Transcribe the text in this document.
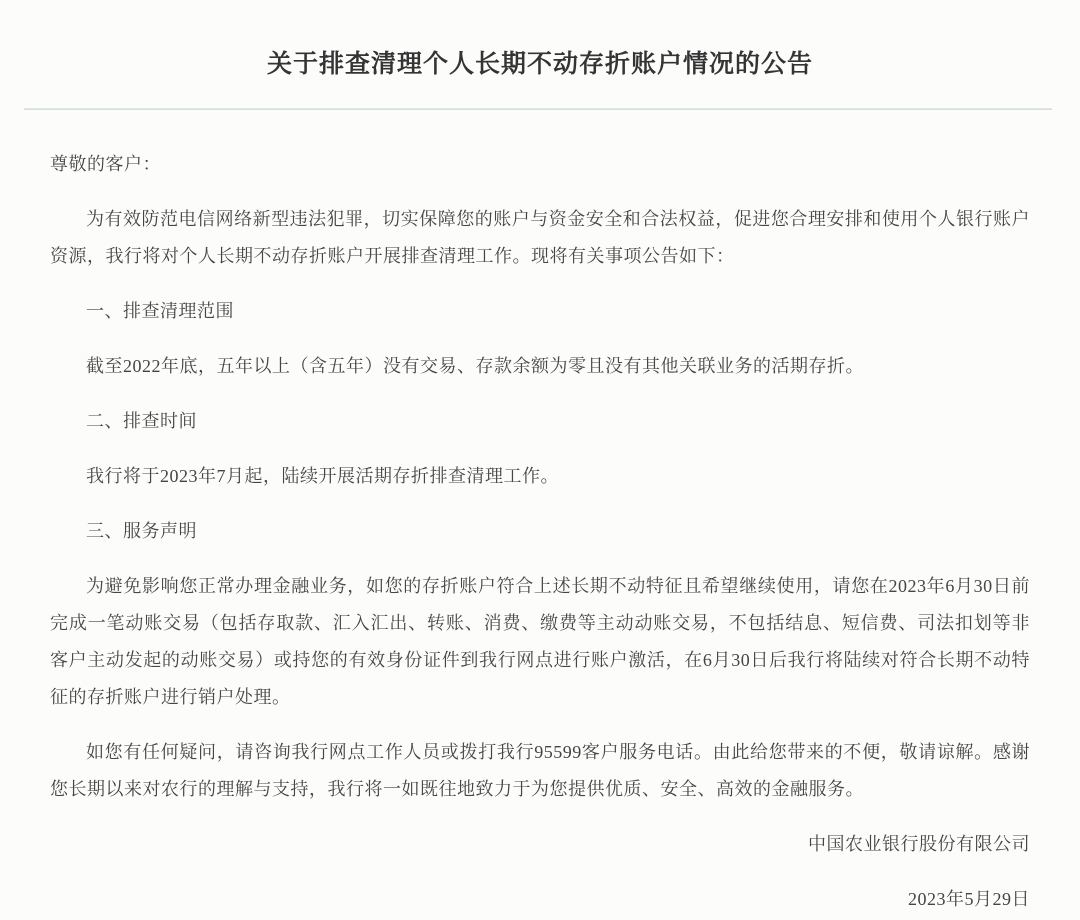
关于排查清理个人长期不动存折账户情况的公告

尊敬的客户：

为有效防范电信网络新型违法犯罪，切实保障您的账户与资金安全和合法权益，促进您合理安排和使用个人银行账户资源，我行将对个人长期不动存折账户开展排查清理工作。现将有关事项公告如下：

一、排查清理范围

截至2022年底，五年以上（含五年）没有交易、存款余额为零且没有其他关联业务的活期存折。

二、排查时间

我行将于2023年7月起，陆续开展活期存折排查清理工作。

三、服务声明

为避免影响您正常办理金融业务，如您的存折账户符合上述长期不动特征且希望继续使用，请您在2023年6月30日前完成一笔动账交易（包括存取款、汇入汇出、转账、消费、缴费等主动动账交易，不包括结息、短信费、司法扣划等非客户主动发起的动账交易）或持您的有效身份证件到我行网点进行账户激活，在6月30日后我行将陆续对符合长期不动特征的存折账户进行销户处理。

如您有任何疑问，请咨询我行网点工作人员或拨打我行95599客户服务电话。由此给您带来的不便，敬请谅解。感谢您长期以来对农行的理解与支持，我行将一如既往地致力于为您提供优质、安全、高效的金融服务。

中国农业银行股份有限公司

2023年5月29日
